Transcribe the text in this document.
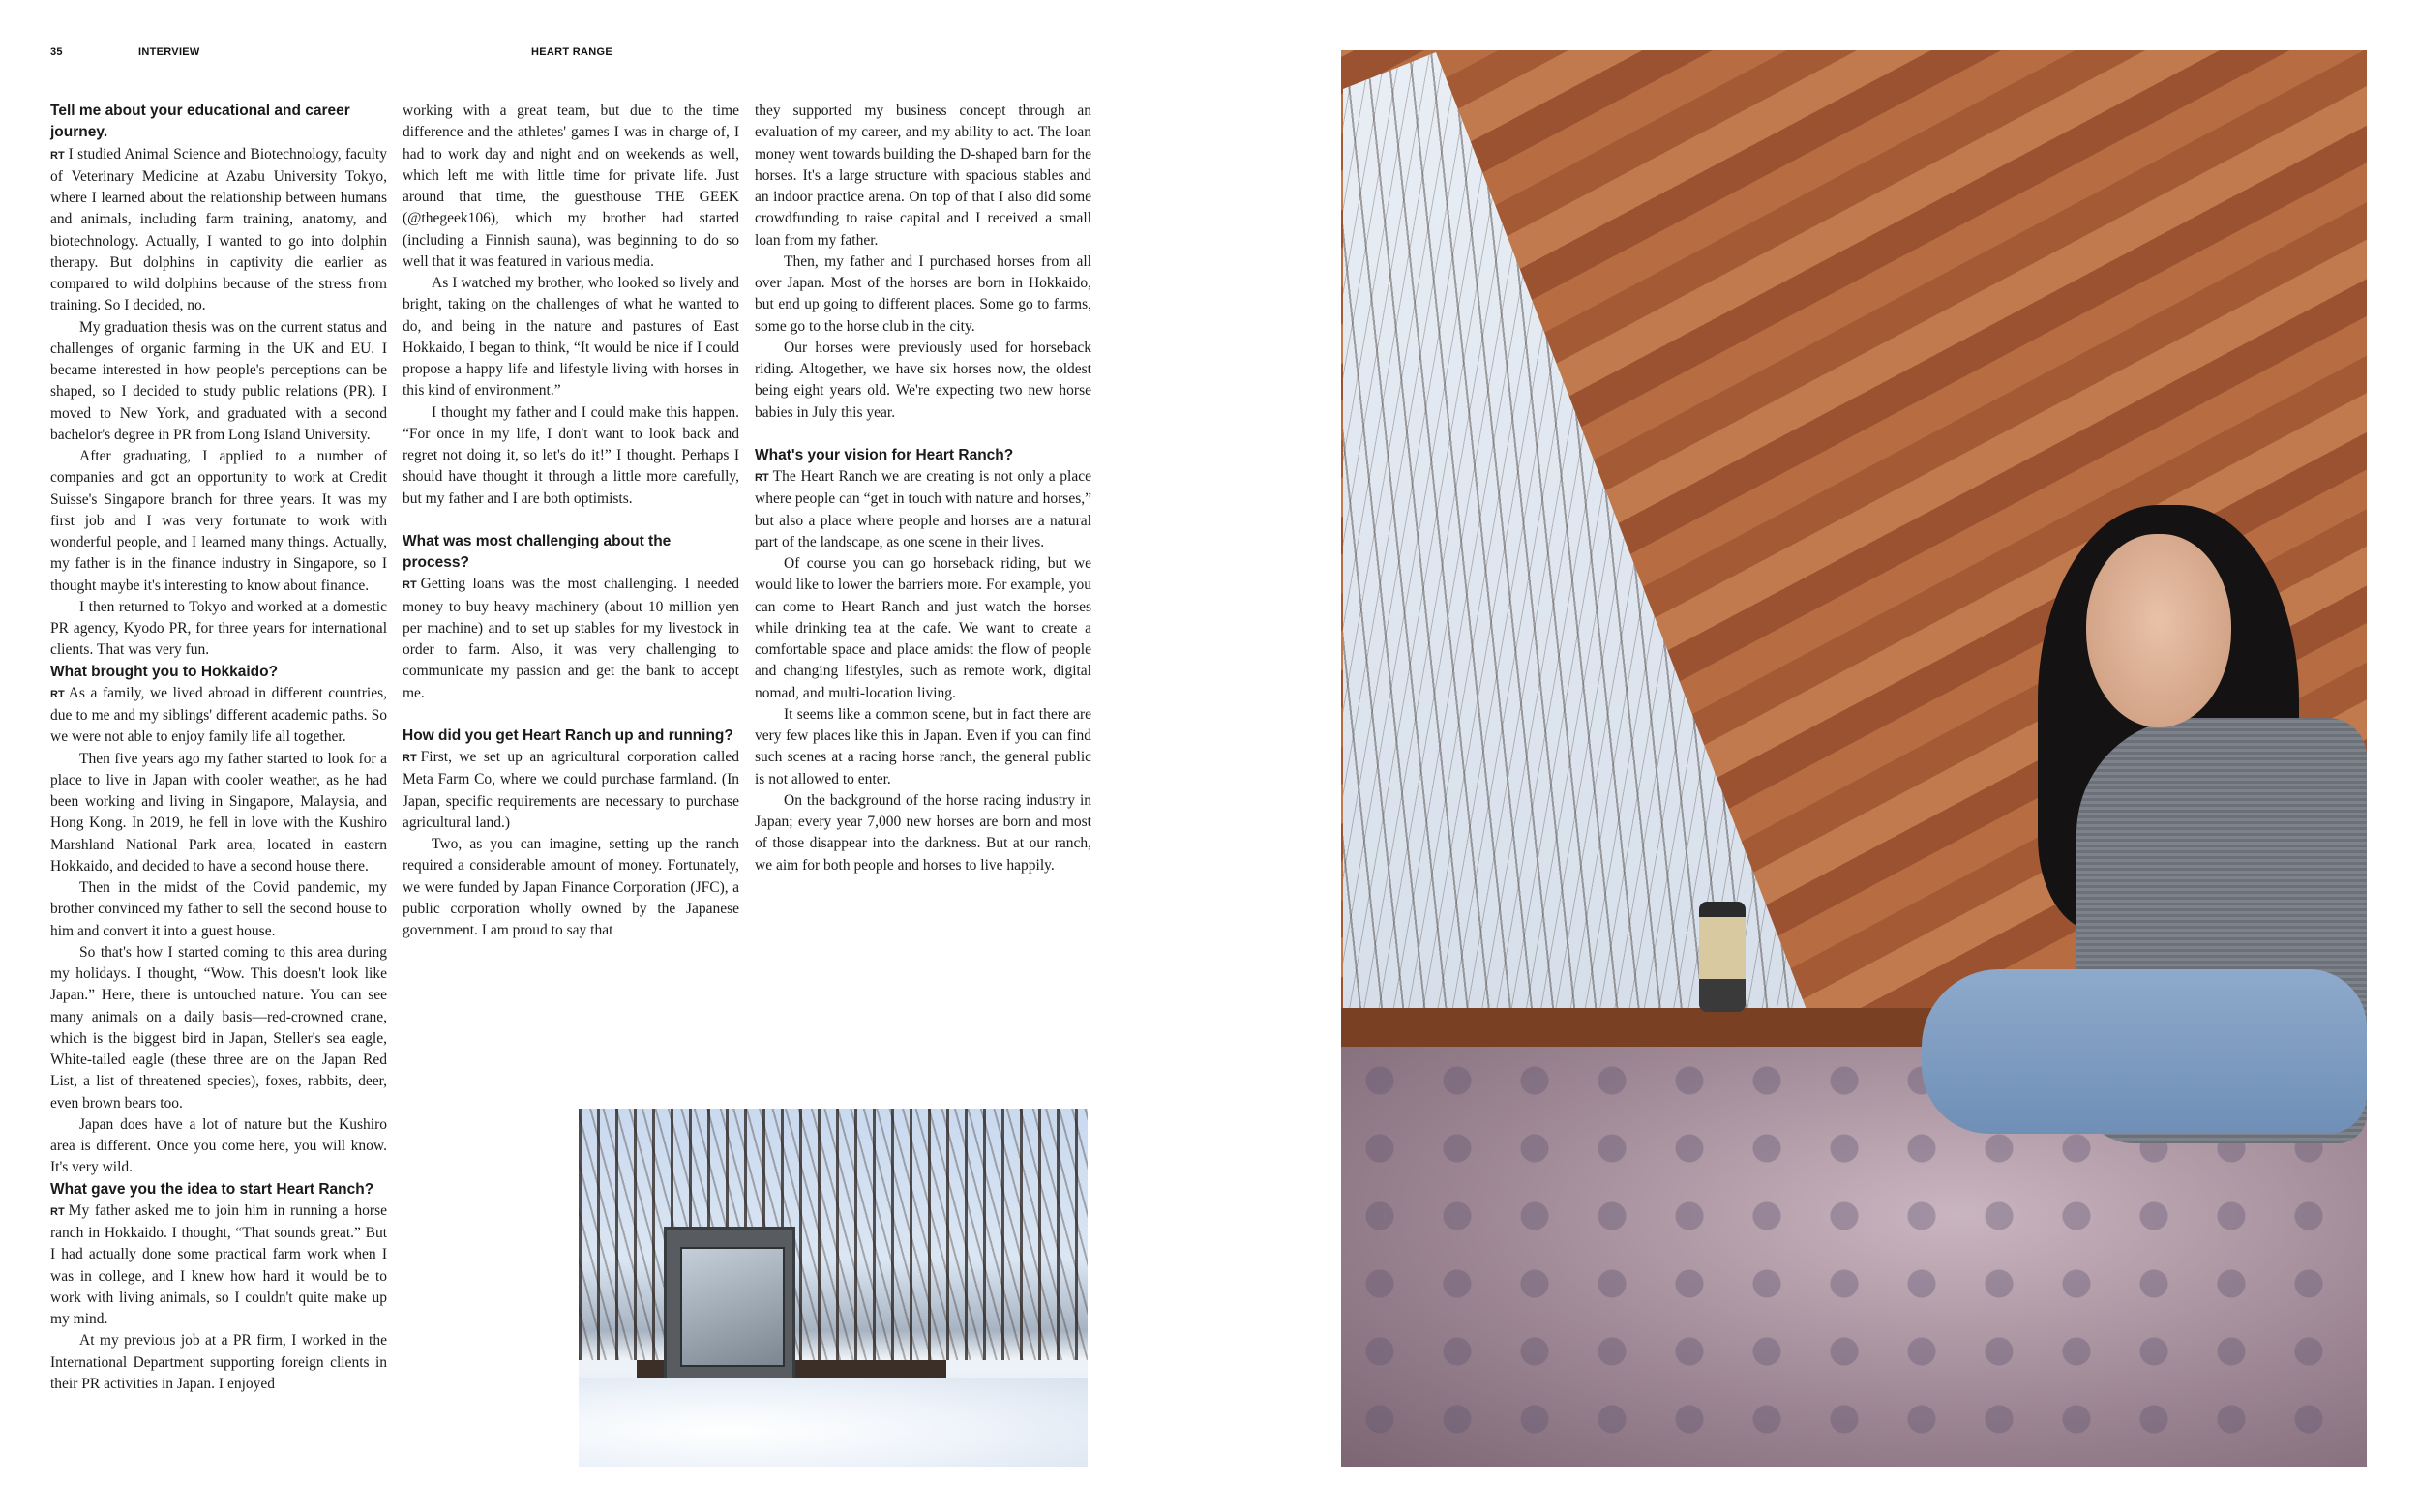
35	INTERVIEW	HEART RANGE
Tell me about your educational and career journey.

RT I studied Animal Science and Biotechnology, faculty of Veterinary Medicine at Azabu University Tokyo, where I learned about the relationship between humans and animals, including farm training, anatomy, and biotechnology. Actually, I wanted to go into dolphin therapy. But dolphins in captivity die earlier as compared to wild dolphins because of the stress from training. So I decided, no.

My graduation thesis was on the current status and challenges of organic farming in the UK and EU. I became interested in how people's perceptions can be shaped, so I decided to study public relations (PR). I moved to New York, and graduated with a second bachelor's degree in PR from Long Island University.

After graduating, I applied to a number of companies and got an opportunity to work at Credit Suisse's Singapore branch for three years. It was my first job and I was very fortunate to work with wonderful people, and I learned many things. Actually, my father is in the finance industry in Singapore, so I thought maybe it's interesting to know about finance.

I then returned to Tokyo and worked at a domestic PR agency, Kyodo PR, for three years for international clients. That was very fun.

What brought you to Hokkaido?

RT As a family, we lived abroad in different countries, due to me and my siblings' different academic paths. So we were not able to enjoy family life all together.

Then five years ago my father started to look for a place to live in Japan with cooler weather, as he had been working and living in Singapore, Malaysia, and Hong Kong. In 2019, he fell in love with the Kushiro Marshland National Park area, located in eastern Hokkaido, and decided to have a second house there.

Then in the midst of the Covid pandemic, my brother convinced my father to sell the second house to him and convert it into a guest house.

So that's how I started coming to this area during my holidays. I thought, “Wow. This doesn't look like Japan.” Here, there is untouched nature. You can see many animals on a daily basis—red-crowned crane, which is the biggest bird in Japan, Steller's sea eagle, White-tailed eagle (these three are on the Japan Red List, a list of threatened species), foxes, rabbits, deer, even brown bears too.

Japan does have a lot of nature but the Kushiro area is different. Once you come here, you will know. It's very wild.

What gave you the idea to start Heart Ranch?

RT My father asked me to join him in running a horse ranch in Hokkaido. I thought, “That sounds great.” But I had actually done some practical farm work when I was in college, and I knew how hard it would be to work with living animals, so I couldn't quite make up my mind.

At my previous job at a PR firm, I worked in the International Department supporting foreign clients in their PR activities in Japan. I enjoyed

working with a great team, but due to the time difference and the athletes' games I was in charge of, I had to work day and night and on weekends as well, which left me with little time for private life. Just around that time, the guesthouse THE GEEK (@thegeek106), which my brother had started (including a Finnish sauna), was beginning to do so well that it was featured in various media.

As I watched my brother, who looked so lively and bright, taking on the challenges of what he wanted to do, and being in the nature and pastures of East Hokkaido, I began to think, “It would be nice if I could propose a happy life and lifestyle living with horses in this kind of environment.”

I thought my father and I could make this happen. “For once in my life, I don't want to look back and regret not doing it, so let's do it!” I thought. Perhaps I should have thought it through a little more carefully, but my father and I are both optimists.

What was most challenging about the process?

RT Getting loans was the most challenging. I needed money to buy heavy machinery (about 10 million yen per machine) and to set up stables for my livestock in order to farm. Also, it was very challenging to communicate my passion and get the bank to accept me.

How did you get Heart Ranch up and running?

RT First, we set up an agricultural corporation called Meta Farm Co, where we could purchase farmland. (In Japan, specific requirements are necessary to purchase agricultural land.)

Two, as you can imagine, setting up the ranch required a considerable amount of money. Fortunately, we were funded by Japan Finance Corporation (JFC), a public corporation wholly owned by the Japanese government. I am proud to say that

they supported my business concept through an evaluation of my career, and my ability to act. The loan money went towards building the D-shaped barn for the horses. It's a large structure with spacious stables and an indoor practice arena. On top of that I also did some crowdfunding to raise capital and I received a small loan from my father.

Then, my father and I purchased horses from all over Japan. Most of the horses are born in Hokkaido, but end up going to different places. Some go to farms, some go to the horse club in the city.

Our horses were previously used for horseback riding. Altogether, we have six horses now, the oldest being eight years old. We're expecting two new horse babies in July this year.

What's your vision for Heart Ranch?

RT The Heart Ranch we are creating is not only a place where people can “get in touch with nature and horses,” but also a place where people and horses are a natural part of the landscape, as one scene in their lives.

Of course you can go horseback riding, but we would like to lower the barriers more. For example, you can come to Heart Ranch and just watch the horses while drinking tea at the cafe. We want to create a comfortable space and place amidst the flow of people and changing lifestyles, such as remote work, digital nomad, and multi-location living.

It seems like a common scene, but in fact there are very few places like this in Japan. Even if you can find such scenes at a racing horse ranch, the general public is not allowed to enter.

On the background of the horse racing industry in Japan; every year 7,000 new horses are born and most of those disappear into the darkness. But at our ranch, we aim for both people and horses to live happily.
